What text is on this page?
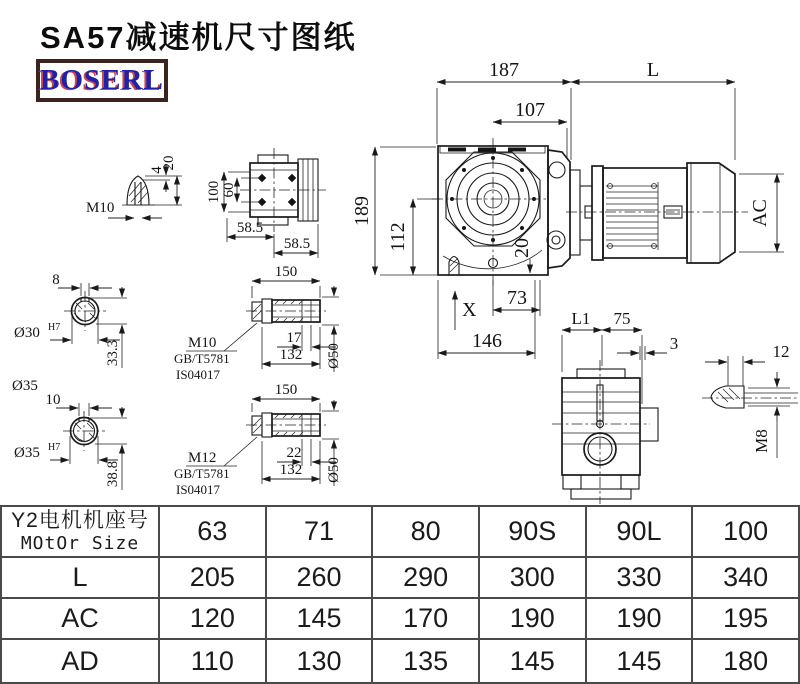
SA57减速机尺寸图纸
BOSERL	187	L
107
189
112	20
AC
X
73
146
L1 75
3	12
M8
M10
4
20
100 60
58.5
58.5
8
Ø30 H7
33.3
Ø35
10
Ø35 H7
38.8
150
M10
GB/T5781
IS04017
17
132 Ø50
150
M12
GB/T5781
IS04017
22
132 Ø50
Y2电机机座号
MOtOr Size	63	71	80	90S	90L	100
L	205	260	290	300	330	340
AC	120	145	170	190	190	195
AD	110	130	135	145	145	180
